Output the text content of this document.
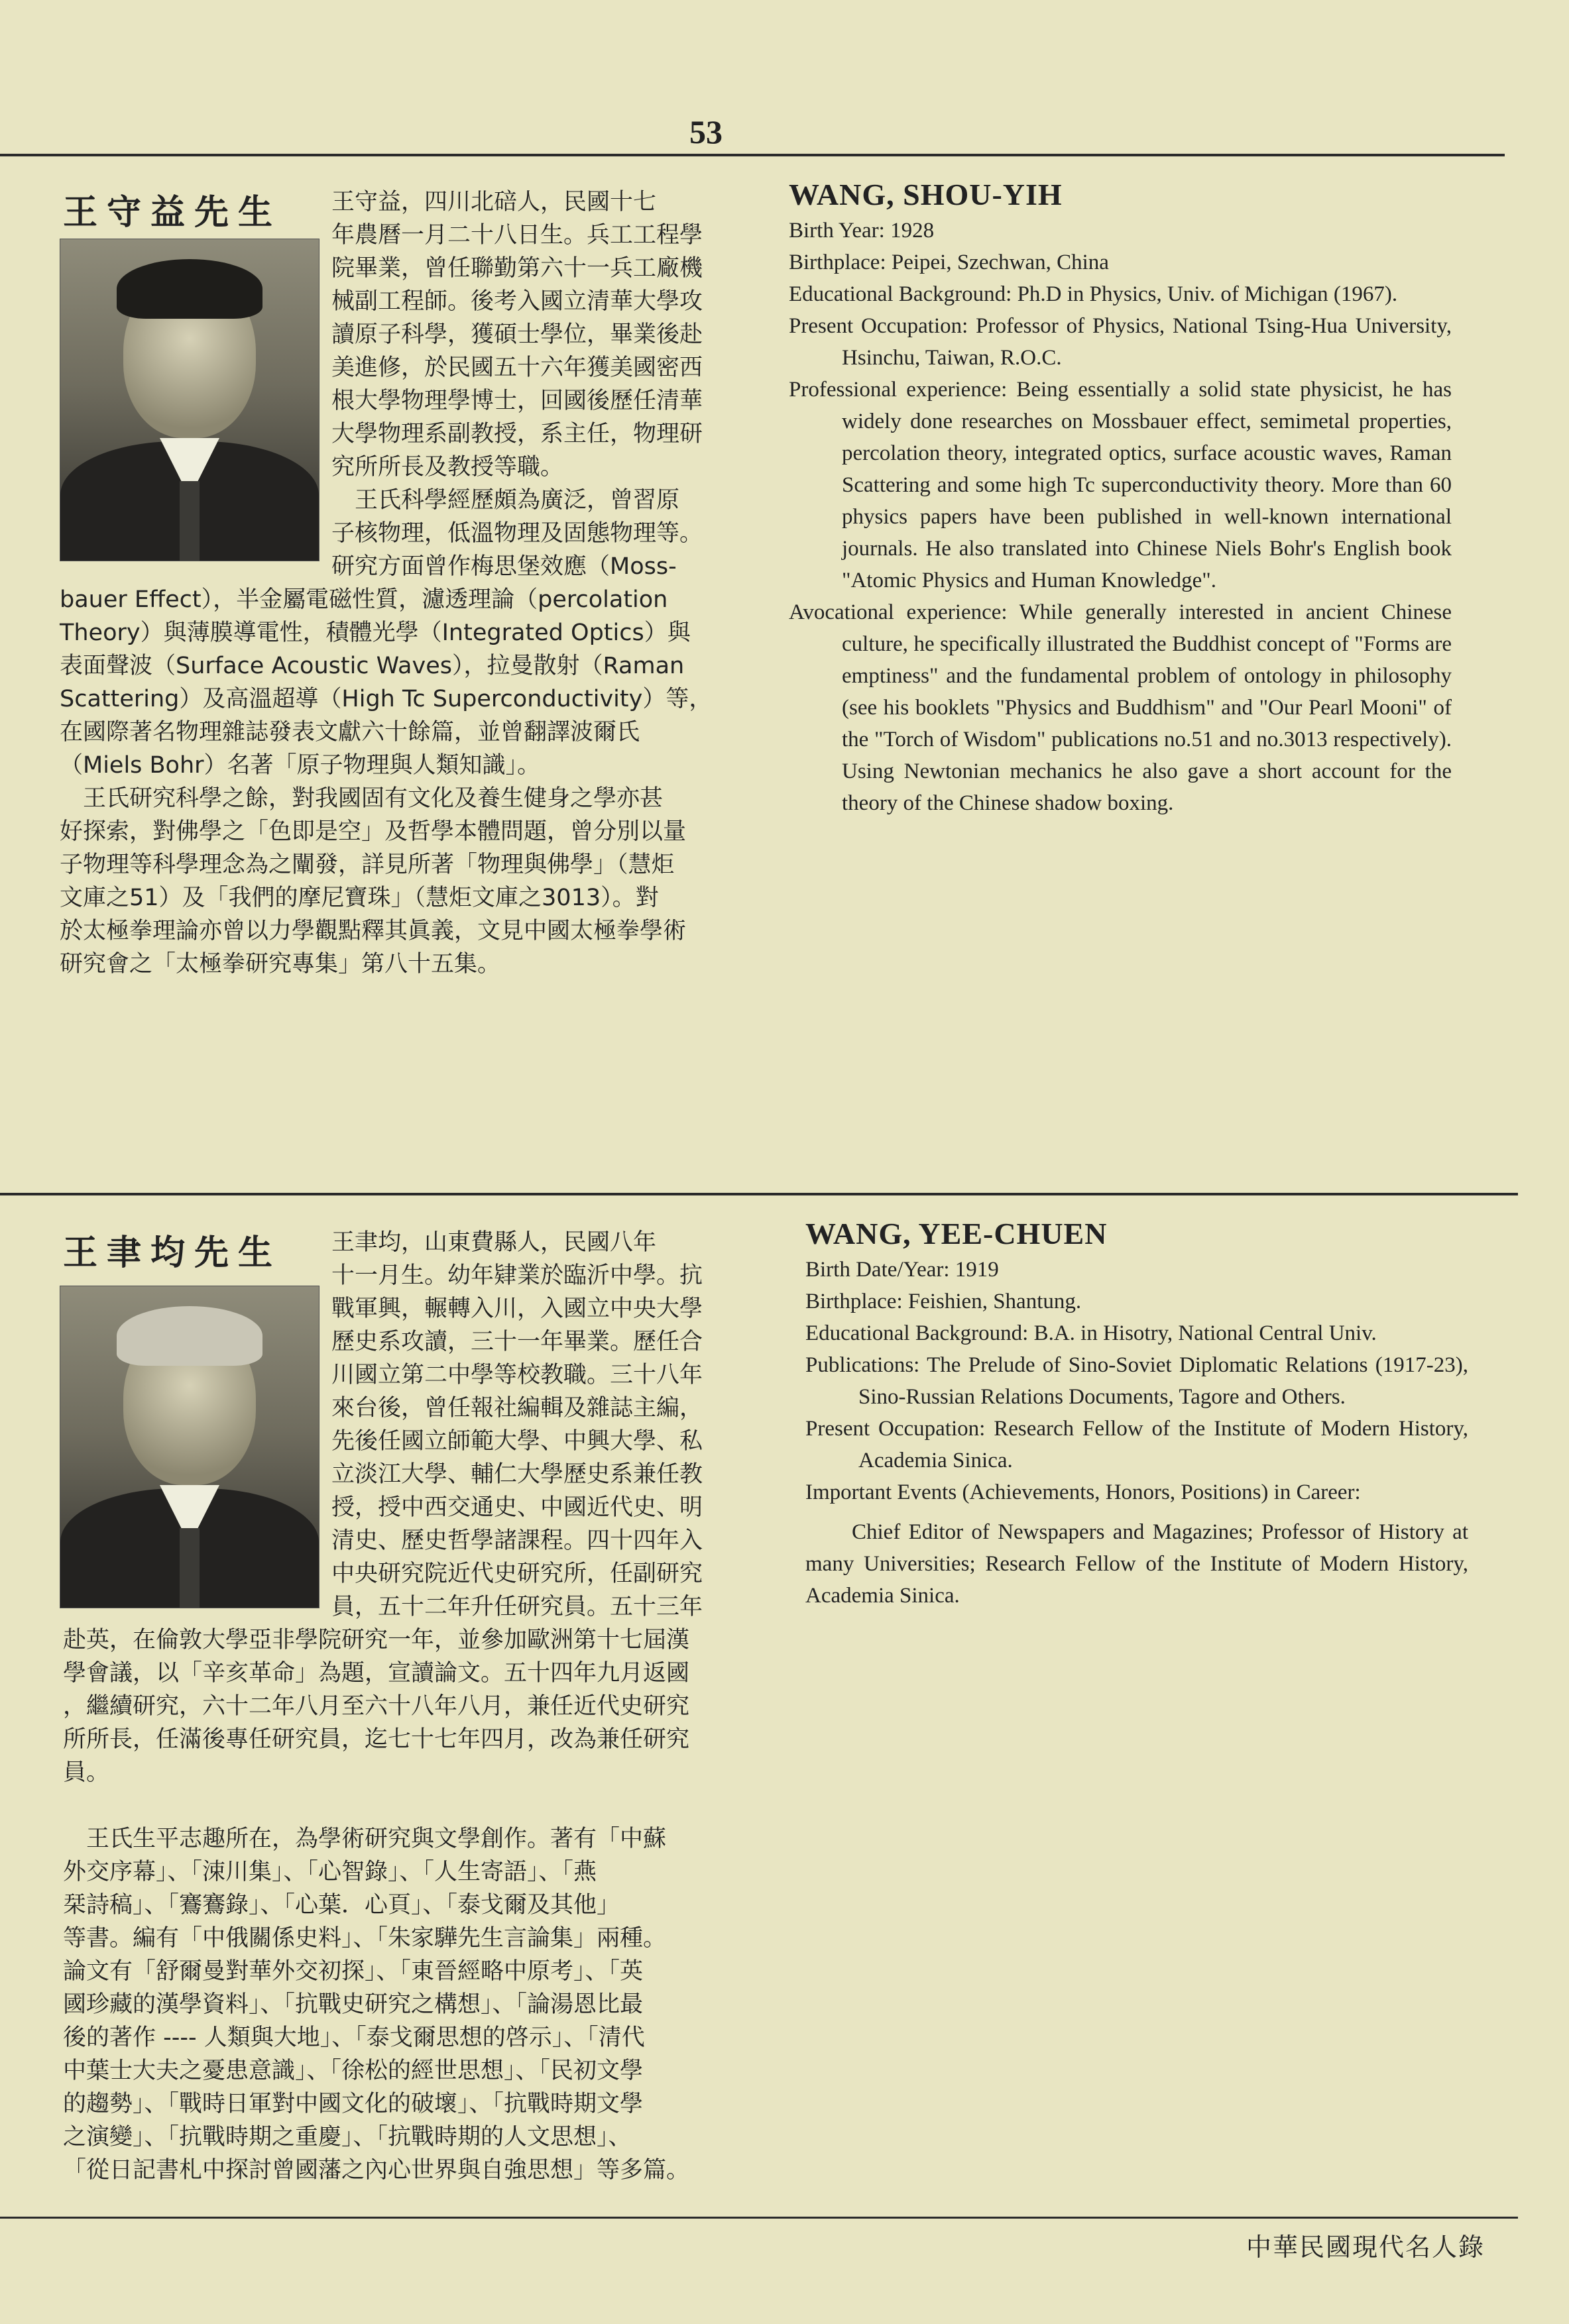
53
王守益先生 王守益，四川北碚人，民國十七
年農曆一月二十八日生。兵工工程學
院畢業，曾任聯勤第六十一兵工廠機
械副工程師。後考入國立清華大學攻
讀原子科學，獲碩士學位，畢業後赴
美進修，於民國五十六年獲美國密西
根大學物理學博士，回國後歷任清華
大學物理系副教授，系主任，物理研
究所所長及教授等職。
　王氏科學經歷頗為廣泛，曾習原
子核物理，低溫物理及固態物理等。
研究方面曾作梅思堡效應（Moss-
bauer Effect），半金屬電磁性質，濾透理論（percolation
Theory）與薄膜導電性，積體光學（Integrated Optics）與
表面聲波（Surface Acoustic Waves），拉曼散射（Raman
Scattering）及高溫超導（High Tc Superconductivity）等，
在國際著名物理雜誌發表文獻六十餘篇，並曾翻譯波爾氏
（Miels Bohr）名著「原子物理與人類知識」。
　王氏研究科學之餘，對我國固有文化及養生健身之學亦甚
好探索，對佛學之「色即是空」及哲學本體問題，曾分別以量
子物理等科學理念為之闡發，詳見所著「物理與佛學」（慧炬
文庫之51）及「我們的摩尼寶珠」（慧炬文庫之3013）。對
於太極拳理論亦曾以力學觀點釋其眞義，文見中國太極拳學術
研究會之「太極拳研究專集」第八十五集。
WANG, SHOU-YIH

Birth Year: 1928

Birthplace: Peipei, Szechwan, China

Educational Background: Ph.D in Physics, Univ. of Michigan (1967).

Present Occupation: Professor of Physics, National Tsing-Hua University, Hsinchu, Taiwan, R.O.C.

Professional experience: Being essentially a solid state physicist, he has widely done researches on Mossbauer effect, semimetal properties, percolation theory, integrated optics, surface acoustic waves, Raman Scattering and some high Tc superconductivity theory. More than 60 physics papers have been published in well-known international journals. He also translated into Chinese Niels Bohr's English book "Atomic Physics and Human Knowledge".

Avocational experience: While generally interested in ancient Chinese culture, he specifically illustrated the Buddhist concept of "Forms are emptiness" and the fundamental problem of ontology in philosophy (see his booklets "Physics and Buddhism" and "Our Pearl Mooni" of the "Torch of Wisdom" publications no.51 and no.3013 respectively). Using Newtonian mechanics he also gave a short account for the theory of the Chinese shadow boxing.

王聿均先生 王聿均，山東費縣人，民國八年
十一月生。幼年肄業於臨沂中學。抗
戰軍興，輾轉入川，入國立中央大學
歷史系攻讀，三十一年畢業。歷任合
川國立第二中學等校教職。三十八年
來台後，曾任報社編輯及雜誌主編，
先後任國立師範大學、中興大學、私
立淡江大學、輔仁大學歷史系兼任教
授，授中西交通史、中國近代史、明
清史、歷史哲學諸課程。四十四年入
中央研究院近代史研究所，任副研究
員，五十二年升任研究員。五十三年
赴英，在倫敦大學亞非學院研究一年，並參加歐洲第十七屆漢
學會議，以「辛亥革命」為題，宣讀論文。五十四年九月返國
，繼續研究，六十二年八月至六十八年八月，兼任近代史研究
所所長，任滿後專任研究員，迄七十七年四月，改為兼任研究
員。

　王氏生平志趣所在，為學術研究與文學創作。著有「中蘇
外交序幕」、「涑川集」、「心智錄」、「人生寄語」、「燕
栞詩稿」、「鶱鶱錄」、「心葉．心頁」、「泰戈爾及其他」
等書。編有「中俄關係史料」、「朱家驊先生言論集」兩種。
論文有「舒爾曼對華外交初探」、「東晉經略中原考」、「英
國珍藏的漢學資料」、「抗戰史研究之構想」、「論湯恩比最
後的著作 ---- 人類與大地」、「泰戈爾思想的啓示」、「清代
中葉士大夫之憂患意識」、「徐松的經世思想」、「民初文學
的趨勢」、「戰時日軍對中國文化的破壞」、「抗戰時期文學
之演變」、「抗戰時期之重慶」、「抗戰時期的人文思想」、
「從日記書札中探討曾國藩之內心世界與自強思想」等多篇。
WANG, YEE-CHUEN

Birth Date/Year: 1919

Birthplace: Feishien, Shantung.

Educational Background: B.A. in Hisotry, National Central Univ.

Publications: The Prelude of Sino-Soviet Diplomatic Relations (1917-23), Sino-Russian Relations Documents, Tagore and Others.

Present Occupation: Research Fellow of the Institute of Modern History, Academia Sinica.

Important Events (Achievements, Honors, Positions) in Career:

Chief Editor of Newspapers and Magazines; Professor of History at many Universities; Research Fellow of the Institute of Modern History, Academia Sinica.

中華民國現代名人錄
